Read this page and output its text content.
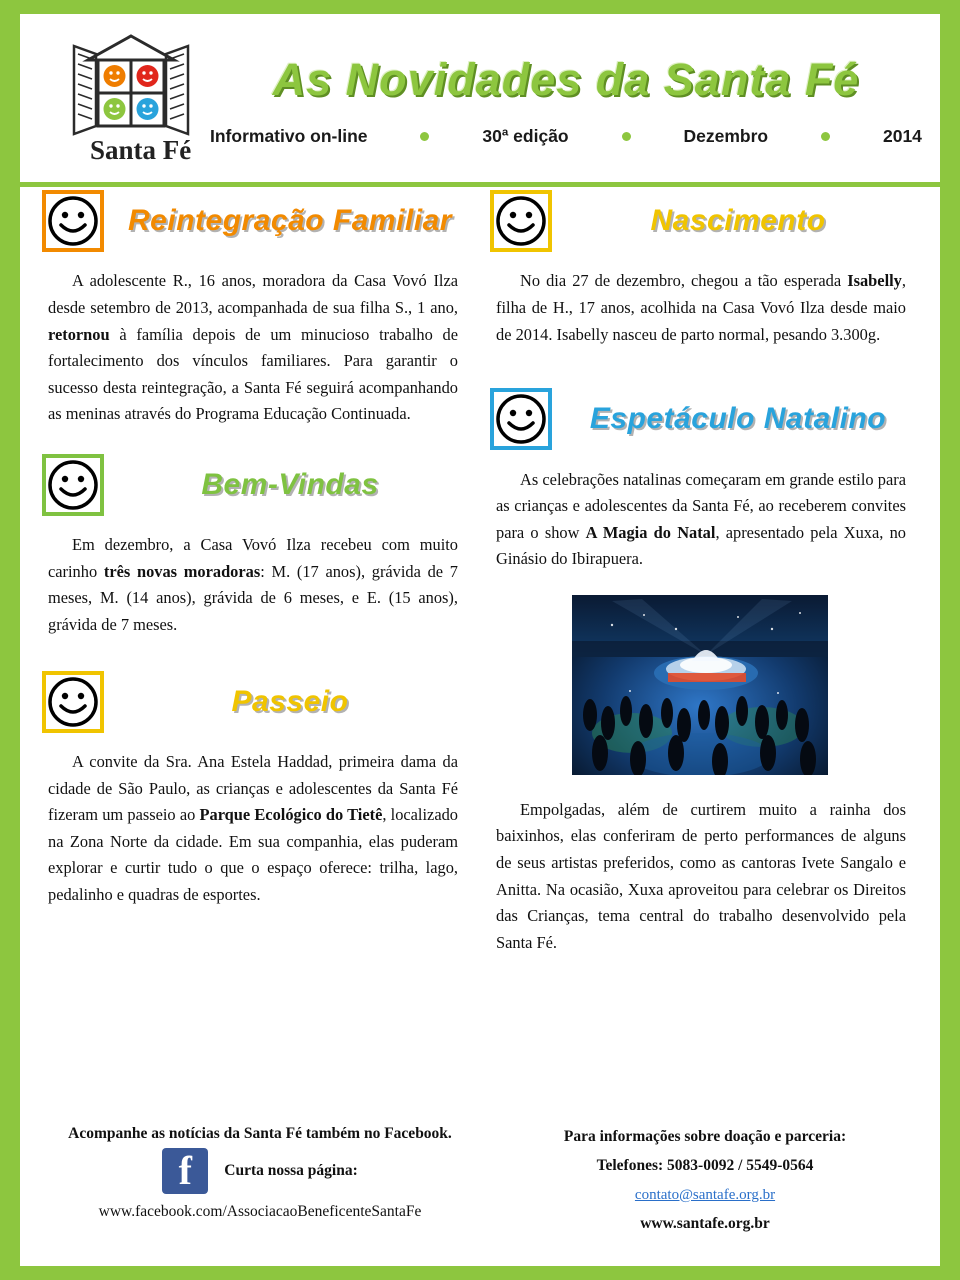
Santa Fé
As Novidades da Santa Fé
Informativo on-line	30ª edição	Dezembro	2014
Reintegração Familiar

A adolescente R., 16 anos, moradora da Casa Vovó Ilza desde setembro de 2013, acompanhada de sua filha S., 1 ano, retornou à família depois de um minucioso trabalho de fortalecimento dos vínculos familiares. Para garantir o sucesso desta reintegração, a Santa Fé seguirá acompanhando as meninas através do Programa Educação Continuada.

Bem-Vindas

Em dezembro, a Casa Vovó Ilza recebeu com muito carinho três novas moradoras: M. (17 anos), grávida de 7 meses, M. (14 anos), grávida de 6 meses, e E. (15 anos), grávida de 7 meses.

Passeio

A convite da Sra. Ana Estela Haddad, primeira dama da cidade de São Paulo, as crianças e adolescentes da Santa Fé fizeram um passeio ao Parque Ecológico do Tietê, localizado na Zona Norte da cidade. Em sua companhia, elas puderam explorar e curtir tudo o que o espaço oferece: trilha, lago, pedalinho e quadras de esportes.

Nascimento

No dia 27 de dezembro, chegou a tão esperada Isabelly, filha de H., 17 anos, acolhida na Casa Vovó Ilza desde maio de 2014. Isabelly nasceu de parto normal, pesando 3.300g.

Espetáculo Natalino

As celebrações natalinas começaram em grande estilo para as crianças e adolescentes da Santa Fé, ao receberem convites para o show A Magia do Natal, apresentado pela Xuxa, no Ginásio do Ibirapuera.

Empolgadas, além de curtirem muito a rainha dos baixinhos, elas conferiram de perto performances de alguns de seus artistas preferidos, como as cantoras Ivete Sangalo e Anitta. Na ocasião, Xuxa aproveitou para celebrar os Direitos das Crianças, tema central do trabalho desenvolvido pela Santa Fé.

Acompanhe as notícias da Santa Fé também no Facebook.
f	Curta nossa página:
www.facebook.com/AssociacaoBeneficenteSantaFe
Para informações sobre doação e parceria:
Telefones: 5083-0092 / 5549-0564
contato@santafe.org.br
www.santafe.org.br
